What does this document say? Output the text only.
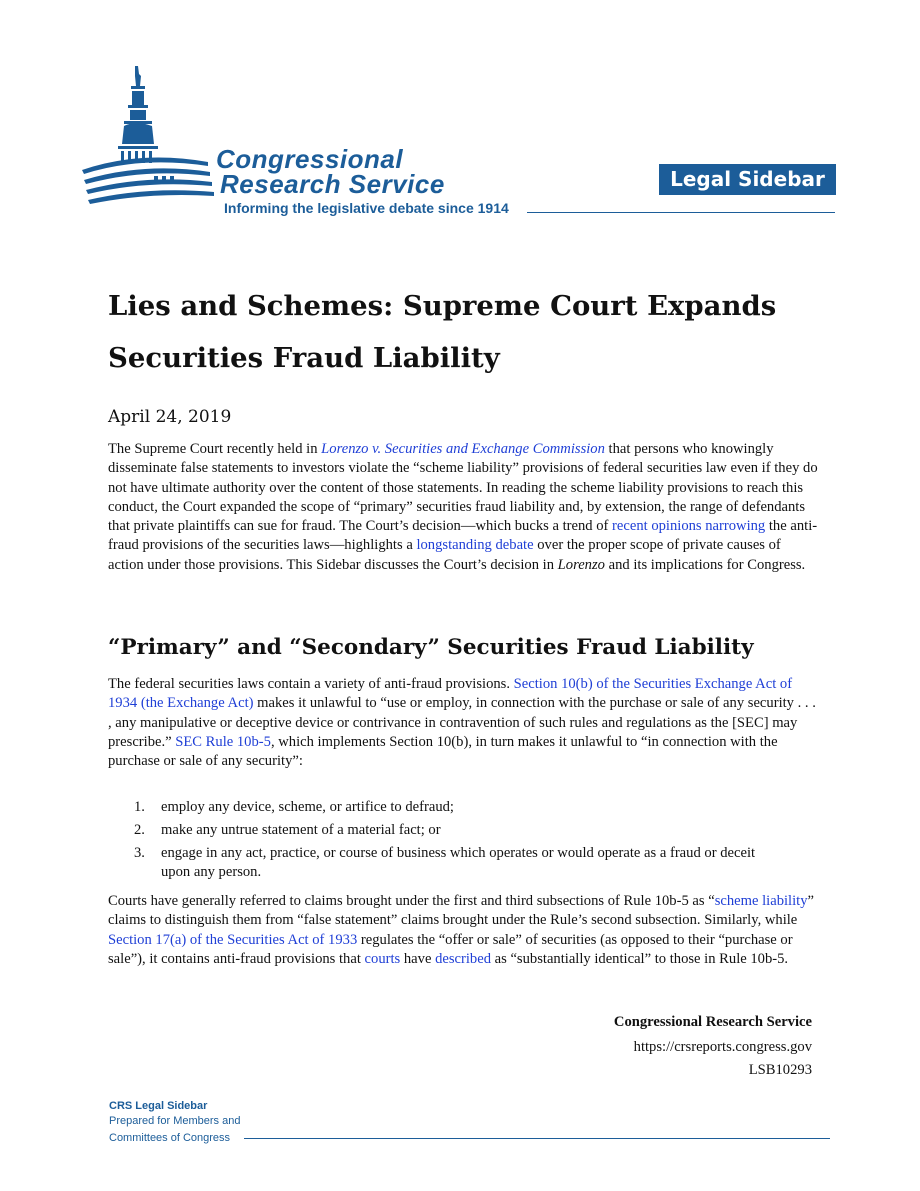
Congressional
Research Service
Informing the legislative debate since 1914
Legal Sidebar
Lies and Schemes: Supreme Court Expands Securities Fraud Liability
April 24, 2019
The Supreme Court recently held in Lorenzo v. Securities and Exchange Commission that persons who knowingly disseminate false statements to investors violate the “scheme liability” provisions of federal securities law even if they do not have ultimate authority over the content of those statements. In reading the scheme liability provisions to reach this conduct, the Court expanded the scope of “primary” securities fraud liability and, by extension, the range of defendants that private plaintiffs can sue for fraud. The Court’s decision—which bucks a trend of recent opinions narrowing the anti-fraud provisions of the securities laws—highlights a longstanding debate over the proper scope of private causes of action under those provisions. This Sidebar discusses the Court’s decision in Lorenzo and its implications for Congress.
“Primary” and “Secondary” Securities Fraud Liability
The federal securities laws contain a variety of anti-fraud provisions. Section 10(b) of the Securities Exchange Act of 1934 (the Exchange Act) makes it unlawful to “use or employ, in connection with the purchase or sale of any security . . . , any manipulative or deceptive device or contrivance in contravention of such rules and regulations as the [SEC] may prescribe.” SEC Rule 10b-5, which implements Section 10(b), in turn makes it unlawful to “in connection with the purchase or sale of any security”:
1. employ any device, scheme, or artifice to defraud;
2. make any untrue statement of a material fact; or
3. engage in any act, practice, or course of business which operates or would operate as a fraud or deceit upon any person.
Courts have generally referred to claims brought under the first and third subsections of Rule 10b-5 as “scheme liability” claims to distinguish them from “false statement” claims brought under the Rule’s second subsection. Similarly, while Section 17(a) of the Securities Act of 1933 regulates the “offer or sale” of securities (as opposed to their “purchase or sale”), it contains anti-fraud provisions that courts have described as “substantially identical” to those in Rule 10b-5.
Congressional Research Service
https://crsreports.congress.gov
LSB10293
CRS Legal Sidebar
Prepared for Members and
Committees of Congress
